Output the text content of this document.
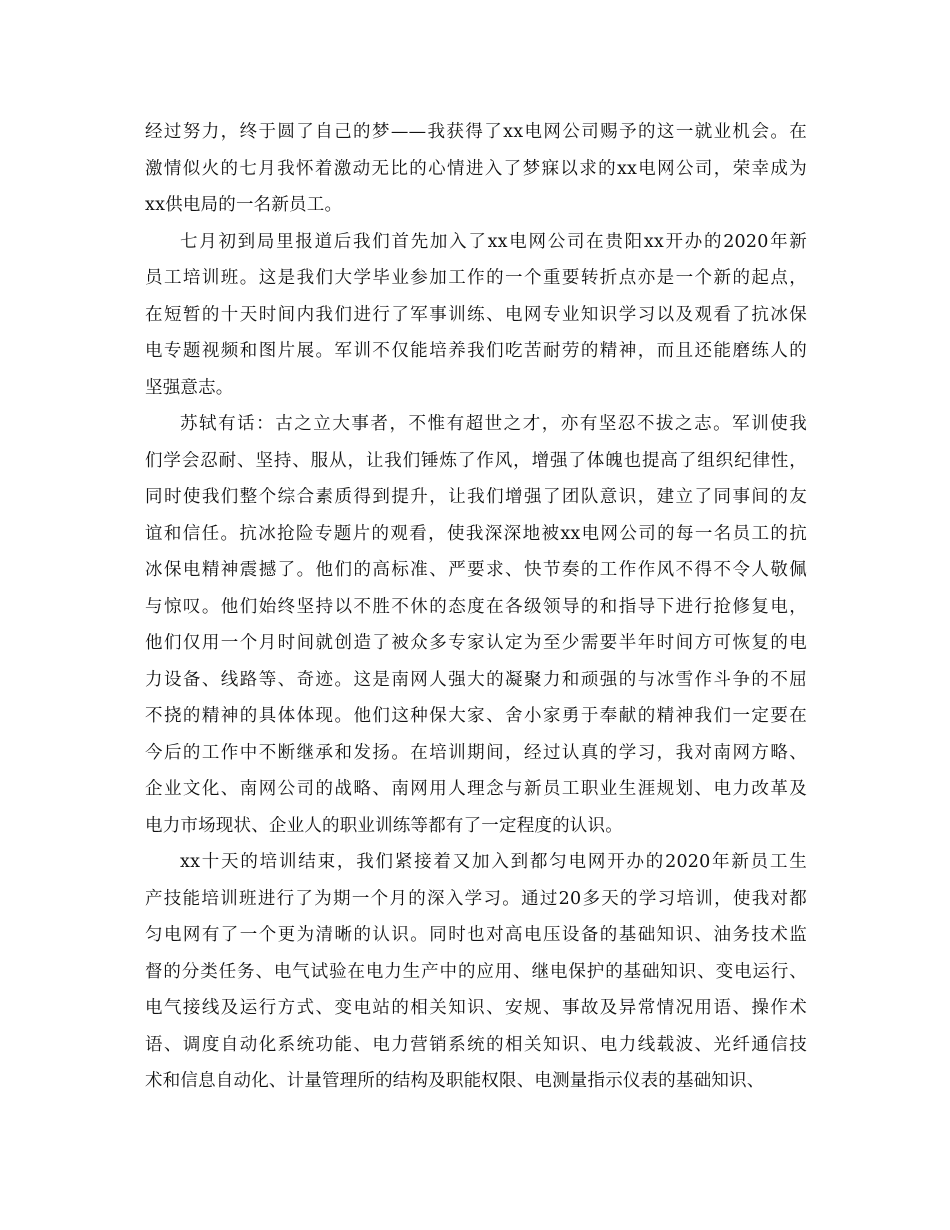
经过努力，终于圆了自己的梦——我获得了xx电网公司赐予的这一就业机会。在
激情似火的七月我怀着激动无比的心情进入了梦寐以求的xx电网公司，荣幸成为
xx供电局的一名新员工。
七月初到局里报道后我们首先加入了xx电网公司在贵阳xx开办的2020年新
员工培训班。这是我们大学毕业参加工作的一个重要转折点亦是一个新的起点，
在短暂的十天时间内我们进行了军事训练、电网专业知识学习以及观看了抗冰保
电专题视频和图片展。军训不仅能培养我们吃苦耐劳的精神，而且还能磨练人的
坚强意志。
苏轼有话：古之立大事者，不惟有超世之才，亦有坚忍不拔之志。军训使我
们学会忍耐、坚持、服从，让我们锤炼了作风，增强了体魄也提高了组织纪律性，
同时使我们整个综合素质得到提升，让我们增强了团队意识，建立了同事间的友
谊和信任。抗冰抢险专题片的观看，使我深深地被xx电网公司的每一名员工的抗
冰保电精神震撼了。他们的高标准、严要求、快节奏的工作作风不得不令人敬佩
与惊叹。他们始终坚持以不胜不休的态度在各级领导的和指导下进行抢修复电，
他们仅用一个月时间就创造了被众多专家认定为至少需要半年时间方可恢复的电
力设备、线路等、奇迹。这是南网人强大的凝聚力和顽强的与冰雪作斗争的不屈
不挠的精神的具体体现。他们这种保大家、舍小家勇于奉献的精神我们一定要在
今后的工作中不断继承和发扬。在培训期间，经过认真的学习，我对南网方略、
企业文化、南网公司的战略、南网用人理念与新员工职业生涯规划、电力改革及
电力市场现状、企业人的职业训练等都有了一定程度的认识。
xx十天的培训结束，我们紧接着又加入到都匀电网开办的2020年新员工生
产技能培训班进行了为期一个月的深入学习。通过20多天的学习培训，使我对都
匀电网有了一个更为清晰的认识。同时也对高电压设备的基础知识、油务技术监
督的分类任务、电气试验在电力生产中的应用、继电保护的基础知识、变电运行、
电气接线及运行方式、变电站的相关知识、安规、事故及异常情况用语、操作术
语、调度自动化系统功能、电力营销系统的相关知识、电力线载波、光纤通信技
术和信息自动化、计量管理所的结构及职能权限、电测量指示仪表的基础知识、
